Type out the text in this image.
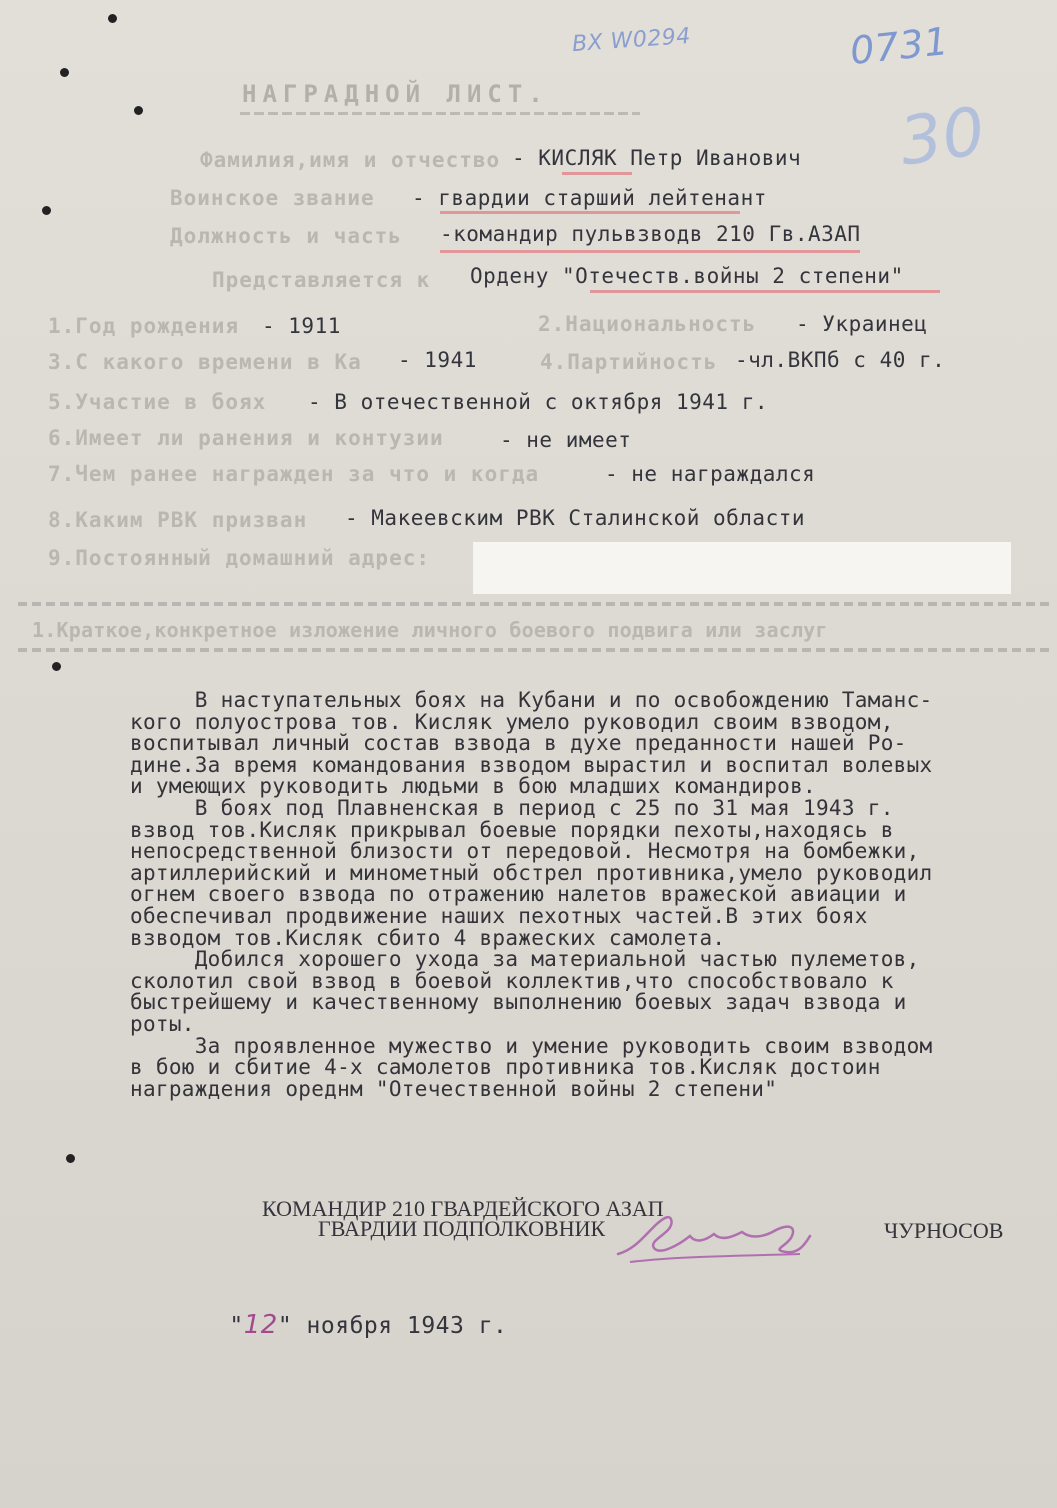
ВХ W0294	0731
30
НАГРАДНОЙ ЛИСТ.
Фамилия,имя и отчество - КИСЛЯК Петр Иванович
Воинское звание - гвардии старший лейтенант
Должность и часть -командир пульвзводв 210 Гв.АЗАП
Представляется к Ордену "Отечеств.войны 2 степени"
1.Год рождения - 1911	2.Национальность - Украинец
3.С какого времени в Ка - 1941	4.Партийность -чл.ВКПб с 40 г.
5.Участие в боях - В отечественной с октября 1941 г.
6.Имеет ли ранения и контузии	- не имеет
7.Чем ранее награжден за что и когда	- не награждался
8.Каким РВК призван - Макеевским РВК Сталинской области
9.Постоянный домашний адрес:
1.Краткое,конкретное изложение личного боевого подвига или заслуг
В наступательных боях на Кубани и по освобождению Таманс-
кого полуострова тов. Кисляк умело руководил своим взводом,
воспитывал личный состав взвода в духе преданности нашей Ро-
дине.За время командования взводом вырастил и воспитал волевых
и умеющих руководить людьми в бою младших командиров.
В боях под Плавненская в период с 25 по 31 мая 1943 г.
взвод тов.Кисляк прикрывал боевые порядки пехоты,находясь в
непосредственной близости от передовой. Несмотря на бомбежки,
артиллерийский и минометный обстрел противника,умело руководил
огнем своего взвода по отражению налетов вражеской авиации и
обеспечивал продвижение наших пехотных частей.В этих боях
взводом тов.Кисляк сбито 4 вражеских самолета.
Добился хорошего ухода за материальной частью пулеметов,
сколотил свой взвод в боевой коллектив,что способствовало к
быстрейшему и качественному выполнению боевых задач взвода и
роты.
За проявленное мужество и умение руководить своим взводом
в бою и сбитие 4-х самолетов противника тов.Кисляк достоин
награждения ореднм "Отечественной войны 2 степени"
КОМАНДИР 210 ГВАРДЕЙСКОГО АЗАП
ГВАРДИИ ПОДПОЛКОВНИК	ЧУРНОСОВ

"12" ноября 1943 г.
